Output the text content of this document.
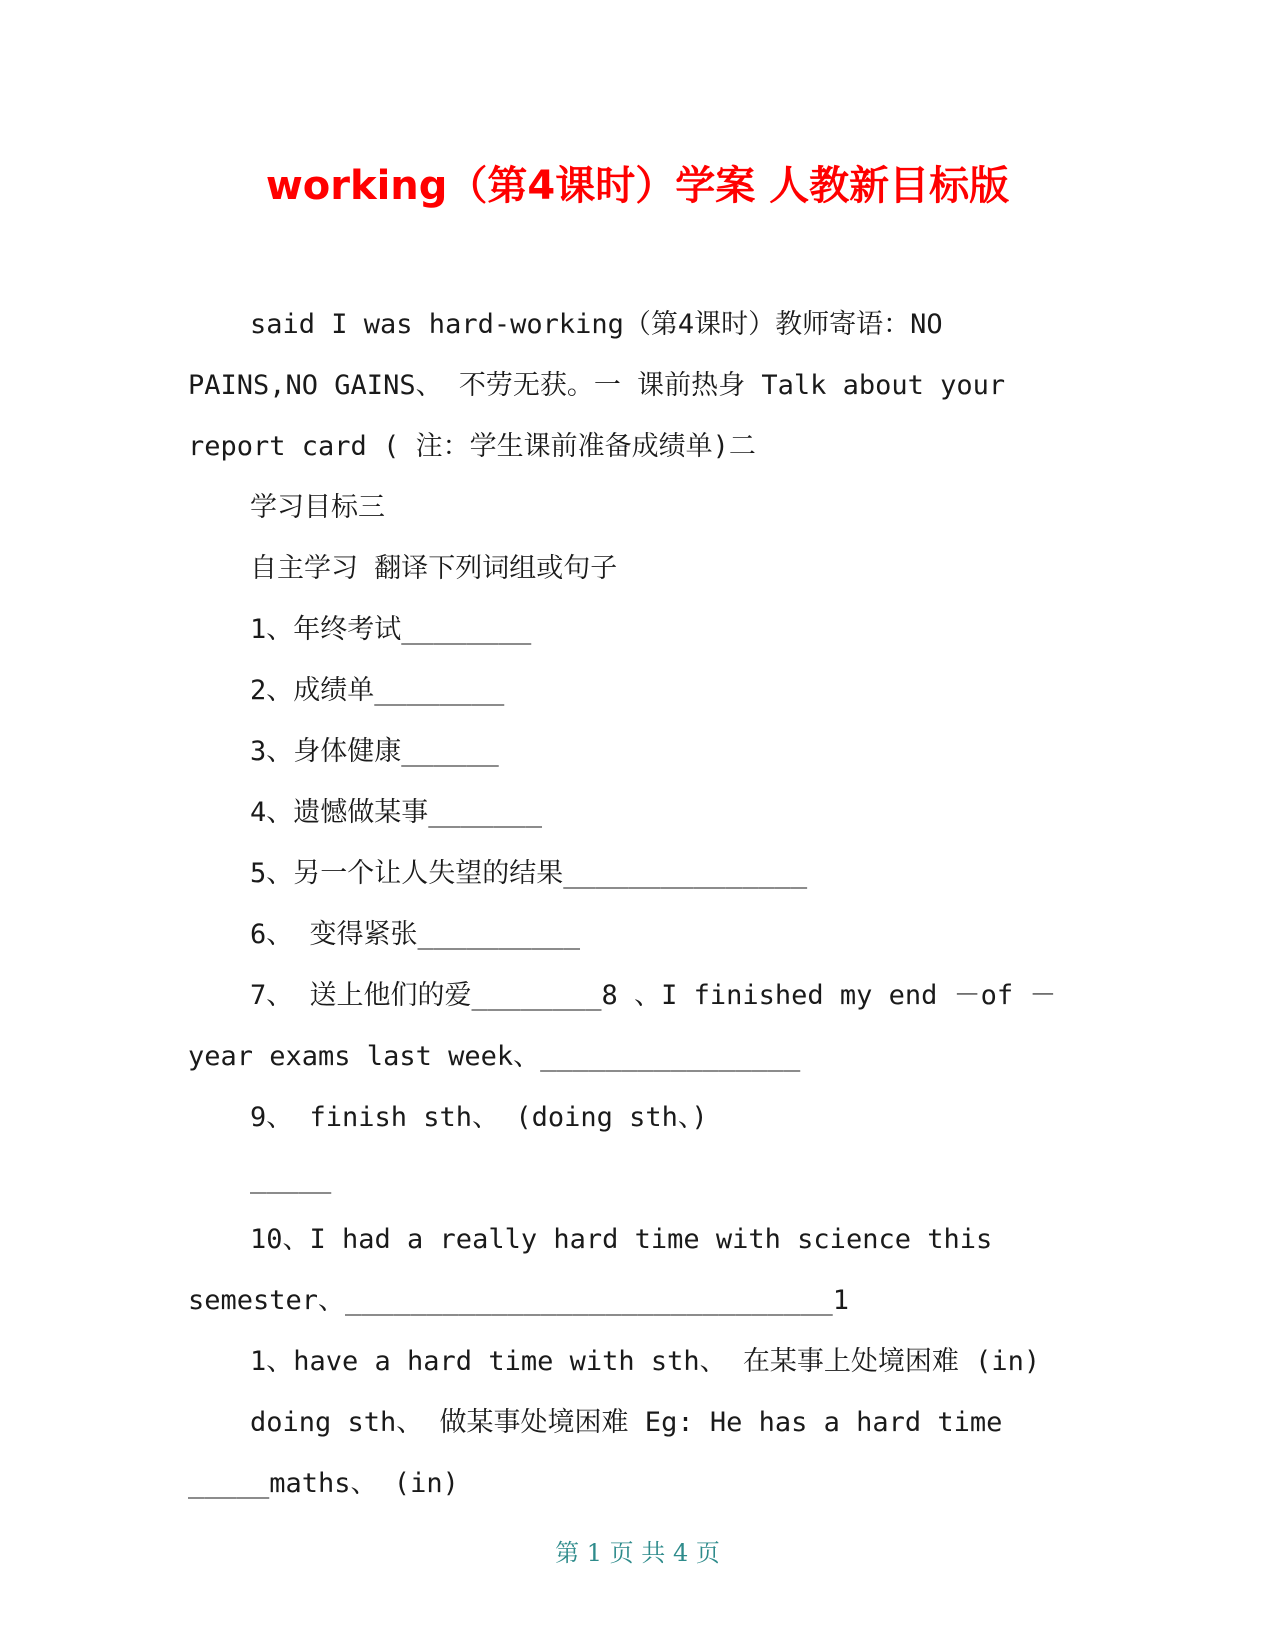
working（第4课时）学案 人教新目标版
said I was hard-working（第4课时）教师寄语：NO
PAINS,NO GAINS、 不劳无获。一 课前热身 Talk about your
report card ( 注：学生课前准备成绩单)二
学习目标三
自主学习 翻译下列词组或句子
1、年终考试________
2、成绩单________
3、身体健康______
4、遗憾做某事_______
5、另一个让人失望的结果_______________
6、 变得紧张__________
7、 送上他们的爱________8 、I finished my end －of －
year exams last week、________________
9、 finish sth、 (doing sth、)
_____
10、I had a really hard time with science this
semester、______________________________1
1、have a hard time with sth、 在某事上处境困难 (in)
doing sth、 做某事处境困难 Eg: He has a hard time
_____maths、 (in)
第 1 页 共 4 页
